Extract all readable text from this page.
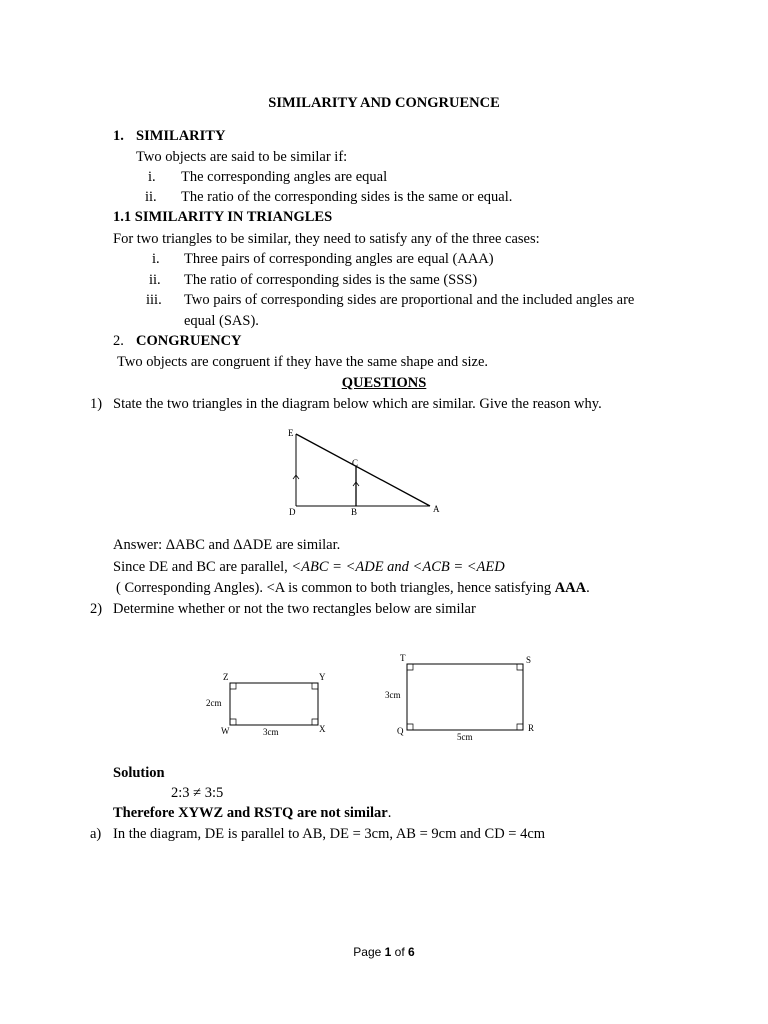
SIMILARITY AND CONGRUENCE
1. SIMILARITY
Two objects are said to be similar if:
i. The corresponding angles are equal
ii. The ratio of the corresponding sides is the same or equal.
1.1 SIMILARITY IN TRIANGLES
For two triangles to be similar, they need to satisfy any of the three cases:
i. Three pairs of corresponding angles are equal (AAA)
ii. The ratio of corresponding sides is the same (SSS)
iii. Two pairs of corresponding sides are proportional and the included angles are
equal (SAS).
2. CONGRUENCY
Two objects are congruent if they have the same shape and size.
QUESTIONS
1) State the two triangles in the diagram below which are similar. Give the reason why.
E
C
D	B	A
Answer: ΔABC and ΔADE are similar.
Since DE and BC are parallel, <ABC = <ADE and <ACB = <AED
( Corresponding Angles). <A is common to both triangles, hence satisfying AAA.
2) Determine whether or not the two rectangles below are similar
Z	Y
W	X
2cm
3cm
T	S
Q	R
3cm
5cm
Solution
2:3 ≠ 3:5
Therefore XYWZ and RSTQ are not similar.
a) In the diagram, DE is parallel to AB, DE = 3cm, AB = 9cm and CD = 4cm
Page 1 of 6
